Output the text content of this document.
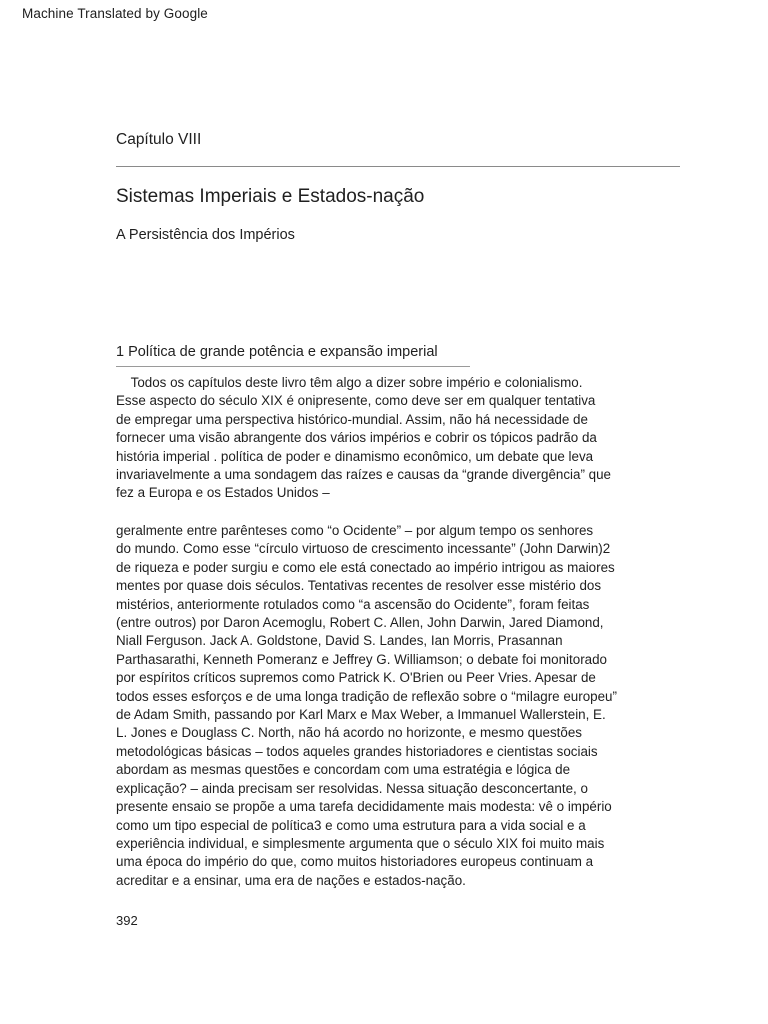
Machine Translated by Google
Capítulo VIII
Sistemas Imperiais e Estados-nação
A Persistência dos Impérios
1 Política de grande potência e expansão imperial
Todos os capítulos deste livro têm algo a dizer sobre império e colonialismo.
Esse aspecto do século XIX é onipresente, como deve ser em qualquer tentativa
de empregar uma perspectiva histórico-mundial. Assim, não há necessidade de
fornecer uma visão abrangente dos vários impérios e cobrir os tópicos padrão da
história imperial . política de poder e dinamismo econômico, um debate que leva
invariavelmente a uma sondagem das raízes e causas da “grande divergência” que
fez a Europa e os Estados Unidos –
geralmente entre parênteses como “o Ocidente” – por algum tempo os senhores
do mundo. Como esse “círculo virtuoso de crescimento incessante” (John Darwin)2
de riqueza e poder surgiu e como ele está conectado ao império intrigou as maiores
mentes por quase dois séculos. Tentativas recentes de resolver esse mistério dos
mistérios, anteriormente rotulados como “a ascensão do Ocidente”, foram feitas
(entre outros) por Daron Acemoglu, Robert C. Allen, John Darwin, Jared Diamond,
Niall Ferguson. Jack A. Goldstone, David S. Landes, Ian Morris, Prasannan
Parthasarathi, Kenneth Pomeranz e Jeffrey G. Williamson; o debate foi monitorado
por espíritos críticos supremos como Patrick K. O'Brien ou Peer Vries. Apesar de
todos esses esforços e de uma longa tradição de reflexão sobre o “milagre europeu”
de Adam Smith, passando por Karl Marx e Max Weber, a Immanuel Wallerstein, E.
L. Jones e Douglass C. North, não há acordo no horizonte, e mesmo questões
metodológicas básicas – todos aqueles grandes historiadores e cientistas sociais
abordam as mesmas questões e concordam com uma estratégia e lógica de
explicação? – ainda precisam ser resolvidas. Nessa situação desconcertante, o
presente ensaio se propõe a uma tarefa decididamente mais modesta: vê o império
como um tipo especial de política3 e como uma estrutura para a vida social e a
experiência individual, e simplesmente argumenta que o século XIX foi muito mais
uma época do império do que, como muitos historiadores europeus continuam a
acreditar e a ensinar, uma era de nações e estados-nação.
392
